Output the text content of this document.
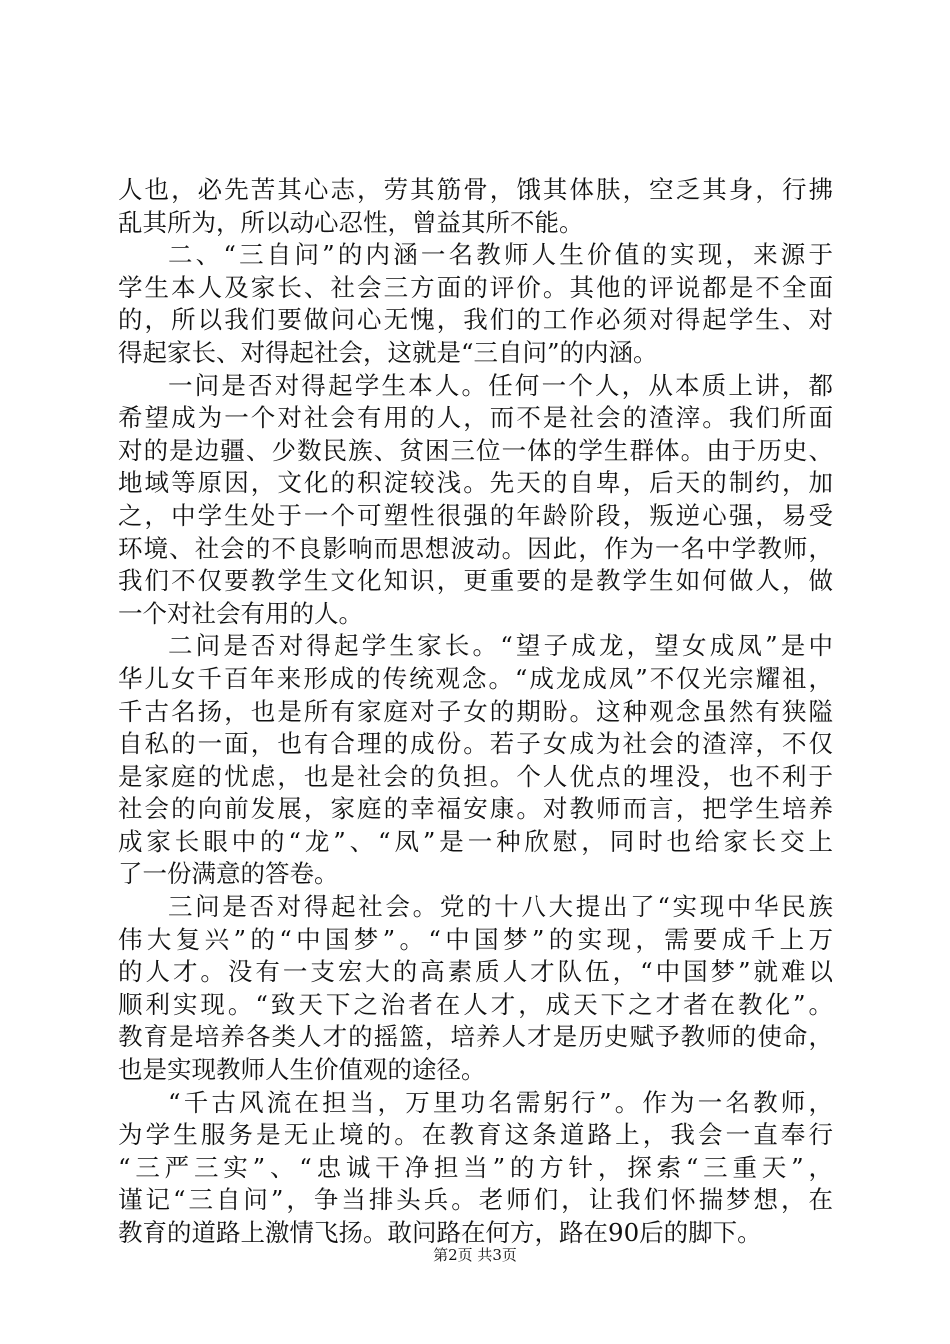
人也，必先苦其心志，劳其筋骨，饿其体肤，空乏其身，行拂
乱其所为，所以动心忍性，曾益其所不能。
二、“三自问”的内涵一名教师人生价值的实现，来源于
学生本人及家长、社会三方面的评价。其他的评说都是不全面
的，所以我们要做问心无愧，我们的工作必须对得起学生、对
得起家长、对得起社会，这就是“三自问”的内涵。
一问是否对得起学生本人。任何一个人，从本质上讲，都
希望成为一个对社会有用的人，而不是社会的渣滓。我们所面
对的是边疆、少数民族、贫困三位一体的学生群体。由于历史、
地域等原因，文化的积淀较浅。先天的自卑，后天的制约，加
之，中学生处于一个可塑性很强的年龄阶段，叛逆心强，易受
环境、社会的不良影响而思想波动。因此，作为一名中学教师，
我们不仅要教学生文化知识，更重要的是教学生如何做人，做
一个对社会有用的人。
二问是否对得起学生家长。“望子成龙，望女成凤”是中
华儿女千百年来形成的传统观念。“成龙成凤”不仅光宗耀祖，
千古名扬，也是所有家庭对子女的期盼。这种观念虽然有狭隘
自私的一面，也有合理的成份。若子女成为社会的渣滓，不仅
是家庭的忧虑，也是社会的负担。个人优点的埋没，也不利于
社会的向前发展，家庭的幸福安康。对教师而言，把学生培养
成家长眼中的“龙”、“凤”是一种欣慰，同时也给家长交上
了一份满意的答卷。
三问是否对得起社会。党的十八大提出了“实现中华民族
伟大复兴”的“中国梦”。“中国梦”的实现，需要成千上万
的人才。没有一支宏大的高素质人才队伍，“中国梦”就难以
顺利实现。“致天下之治者在人才，成天下之才者在教化”。
教育是培养各类人才的摇篮，培养人才是历史赋予教师的使命，
也是实现教师人生价值观的途径。
“千古风流在担当，万里功名需躬行”。作为一名教师，
为学生服务是无止境的。在教育这条道路上，我会一直奉行
“三严三实”、“忠诚干净担当”的方针，探索“三重天”，
谨记“三自问”，争当排头兵。老师们，让我们怀揣梦想，在
教育的道路上激情飞扬。敢问路在何方，路在90后的脚下。
第2页 共3页
